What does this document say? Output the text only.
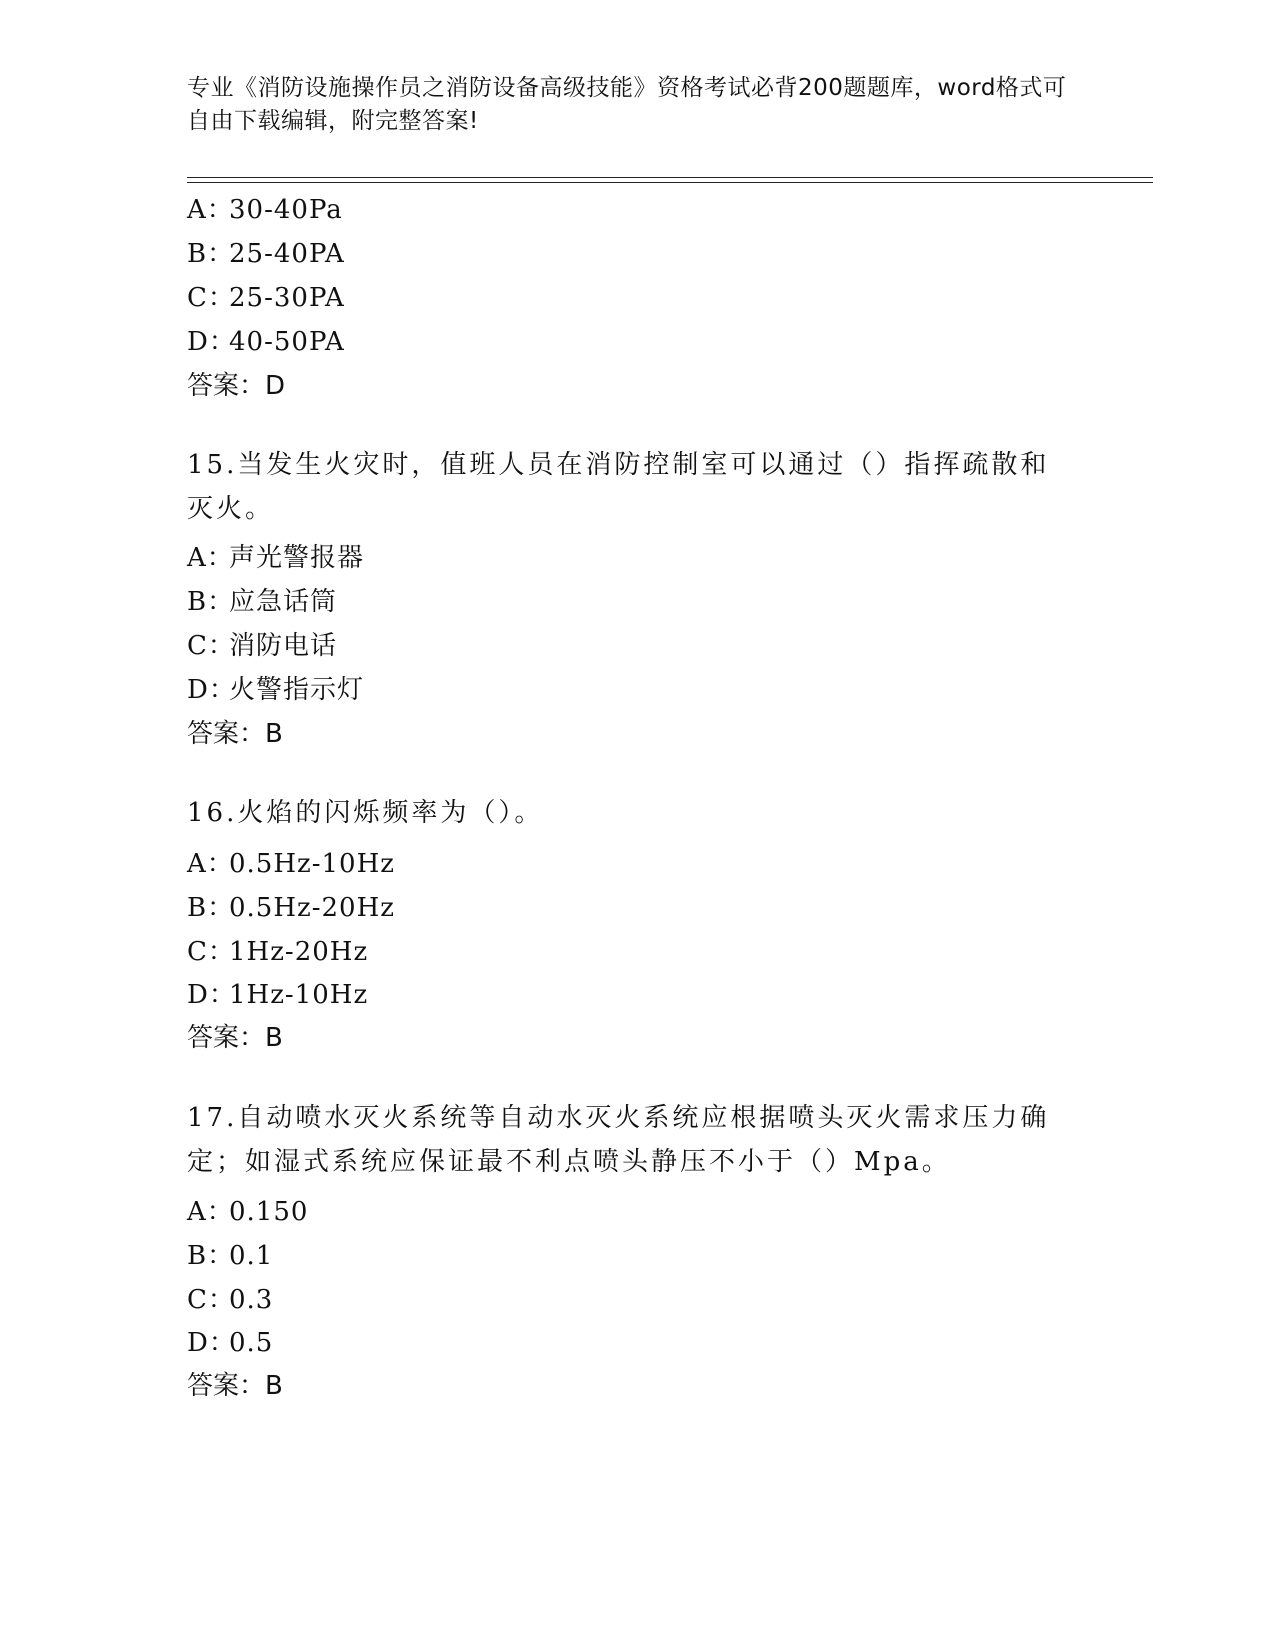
专业《消防设施操作员之消防设备高级技能》资格考试必背200题题库，word格式可自由下载编辑，附完整答案!
A：30-40Pa
B：25-40PA
C：25-30PA
D：40-50PA
答案：D
15.当发生火灾时，值班人员在消防控制室可以通过（）指挥疏散和灭火。
A：声光警报器
B：应急话筒
C：消防电话
D：火警指示灯
答案：B
16.火焰的闪烁频率为（）。
A：0.5Hz-10Hz
B：0.5Hz-20Hz
C：1Hz-20Hz
D：1Hz-10Hz
答案：B
17.自动喷水灭火系统等自动水灭火系统应根据喷头灭火需求压力确定；如湿式系统应保证最不利点喷头静压不小于（）Mpa。
A：0.150
B：0.1
C：0.3
D：0.5
答案：B
